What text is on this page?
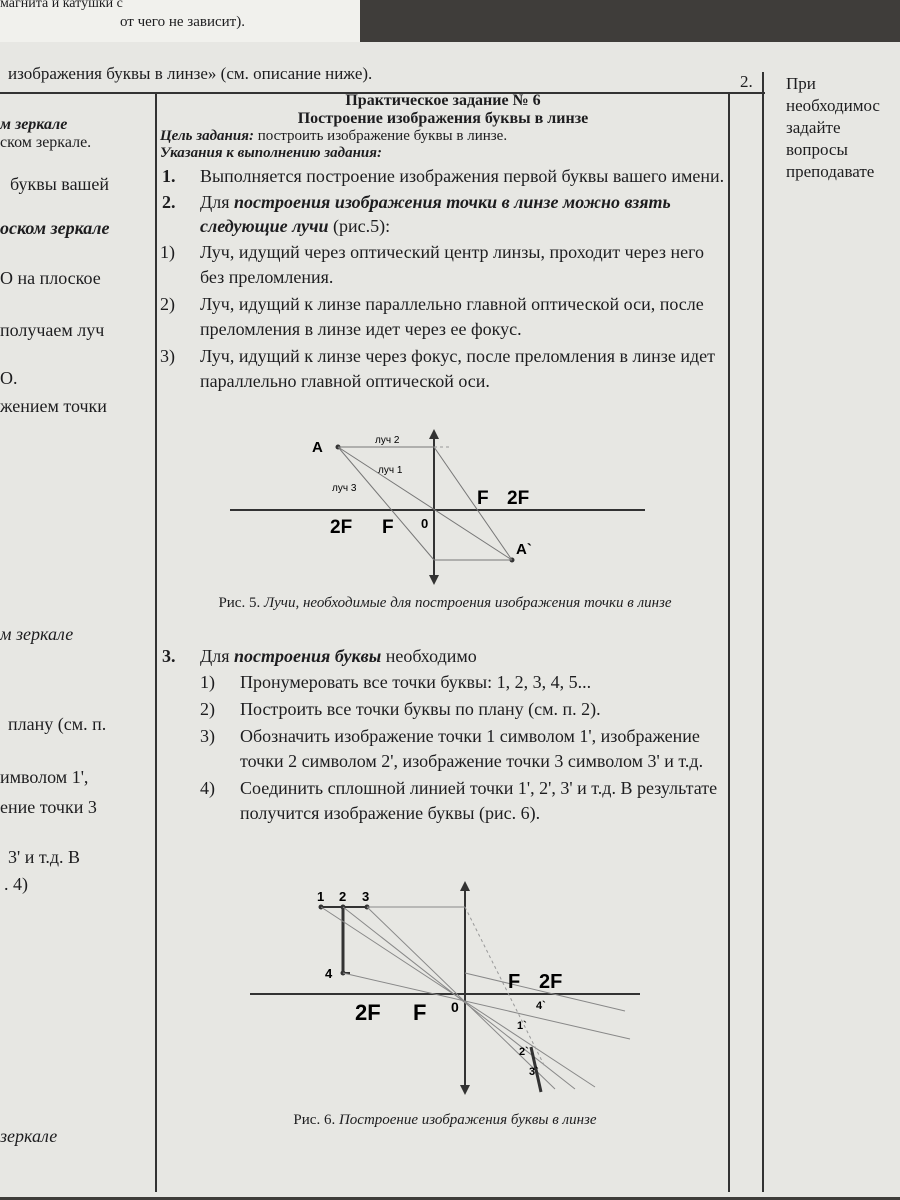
магнита и катушки с
от чего не зависит).
изображения буквы в линзе» (см. описание ниже).
м зеркале
ском зеркале.
буквы вашей
оском зеркале
О на плоское
получаем луч
О.
жением точки
м зеркале
плану (см. п.
имволом 1',
ение точки 3
3' и т.д. В
. 4)
зеркале
2. При
необходимос
задайте
вопросы
преподавате
Практическое задание № 6
Построение изображения буквы в линзе
Цель задания: построить изображение буквы в линзе.
Указания к выполнению задания:
1. Выполняется построение изображения первой буквы вашего имени.
2. Для построения изображения точки в линзе можно взять следующие лучи (рис.5):
1) Луч, идущий через оптический центр линзы, проходит через него без преломления.
2) Луч, идущий к линзе параллельно главной оптической оси, после преломления в линзе идет через ее фокус.
3) Луч, идущий к линзе через фокус, после преломления в линзе идет параллельно главной оптической оси.
A	луч 2
луч 1
луч 3	F 2F
2F F 0
A`
Рис. 5. Лучи, необходимые для построения изображения точки в линзе
3. Для построения буквы необходимо
1) Пронумеровать все точки буквы: 1, 2, 3, 4, 5...
2) Построить все точки буквы по плану (см. п. 2).
3) Обозначить изображение точки 1 символом 1', изображение точки 2 символом 2', изображение точки 3 символом 3' и т.д.
4) Соединить сплошной линией точки 1', 2', 3' и т.д. В результате получится изображение буквы (рис. 6).
1 2 3
4	F 2F
2F F 0	4`
1`
2`
3`
Рис. 6. Построение изображения буквы в линзе
